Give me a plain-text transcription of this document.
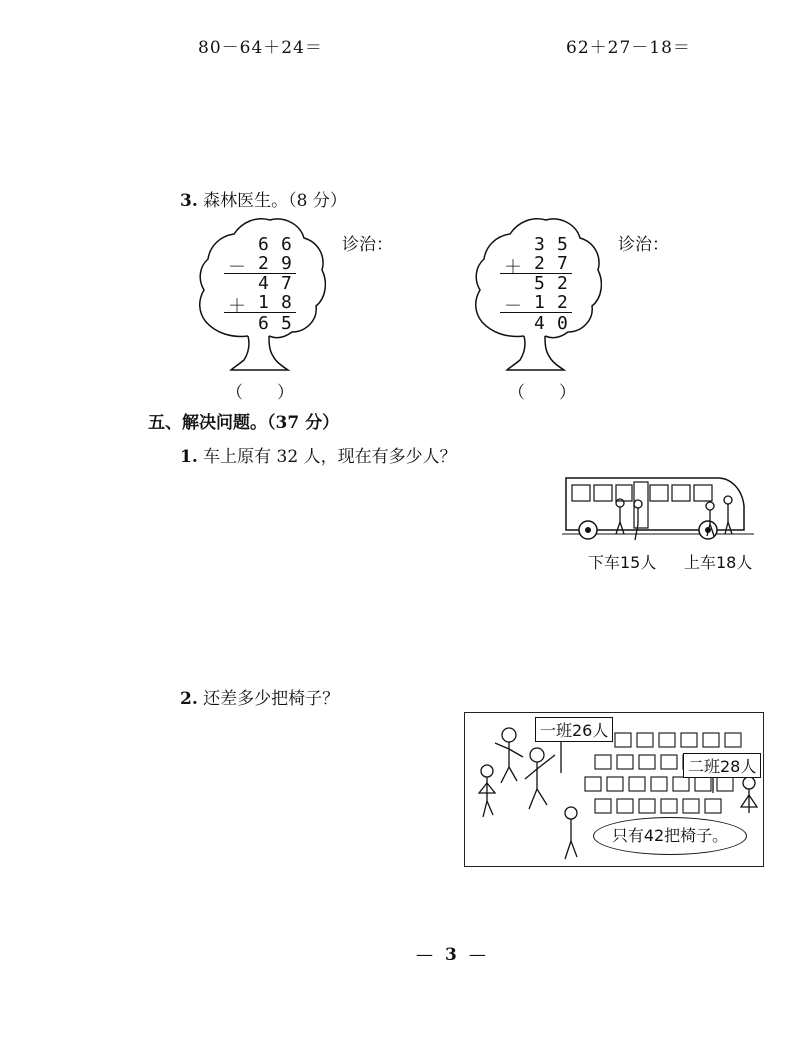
80－64＋24＝	62＋27－18＝
3. 森林医生。（8 分）
6 6
－ 2 9
4 7
＋ 1 8
6 5
诊治：
（　　）
3 5
＋ 2 7
5 2
－ 1 2
4 0
诊治：
（　　）
五、解决问题。（37 分）
1. 车上原有 32 人，现在有多少人？
下车15人 上车18人
2. 还差多少把椅子？
一班26人
二班28人
只有42把椅子。
— 3 —
